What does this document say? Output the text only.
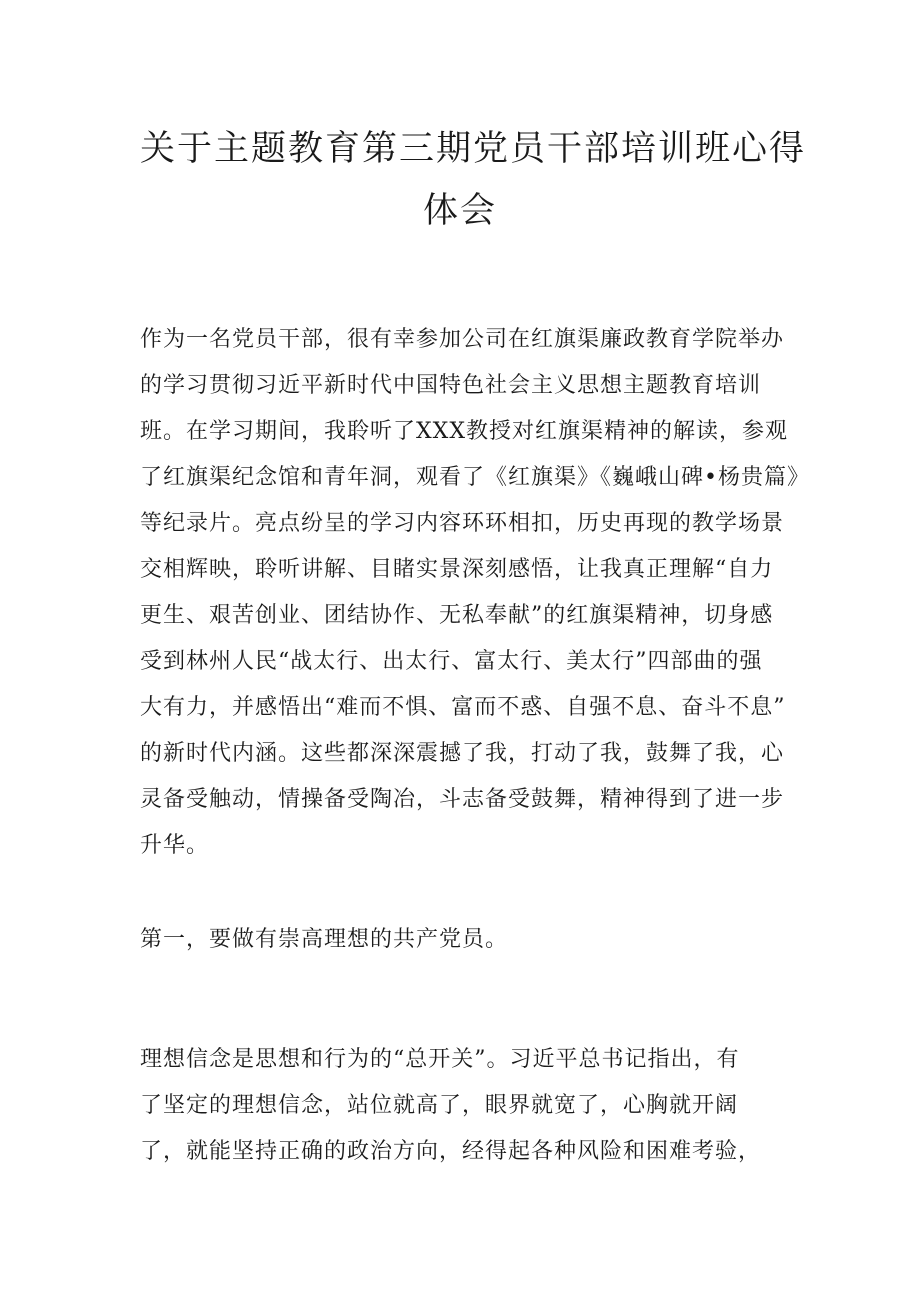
关于主题教育第三期党员干部培训班心得
体会

作为一名党员干部，很有幸参加公司在红旗渠廉政教育学院举办
的学习贯彻习近平新时代中国特色社会主义思想主题教育培训
班。在学习期间，我聆听了XXX教授对红旗渠精神的解读，参观
了红旗渠纪念馆和青年洞，观看了《红旗渠》《巍峨山碑•杨贵篇》
等纪录片。亮点纷呈的学习内容环环相扣，历史再现的教学场景
交相辉映，聆听讲解、目睹实景深刻感悟，让我真正理解“自力
更生、艰苦创业、团结协作、无私奉献”的红旗渠精神，切身感
受到林州人民“战太行、出太行、富太行、美太行”四部曲的强
大有力，并感悟出“难而不惧、富而不惑、自强不息、奋斗不息”
的新时代内涵。这些都深深震撼了我，打动了我，鼓舞了我，心
灵备受触动，情操备受陶冶，斗志备受鼓舞，精神得到了进一步
升华。

第一，要做有崇高理想的共产党员。

理想信念是思想和行为的“总开关”。习近平总书记指出，有
了坚定的理想信念，站位就高了，眼界就宽了，心胸就开阔
了，就能坚持正确的政治方向，经得起各种风险和困难考验，
